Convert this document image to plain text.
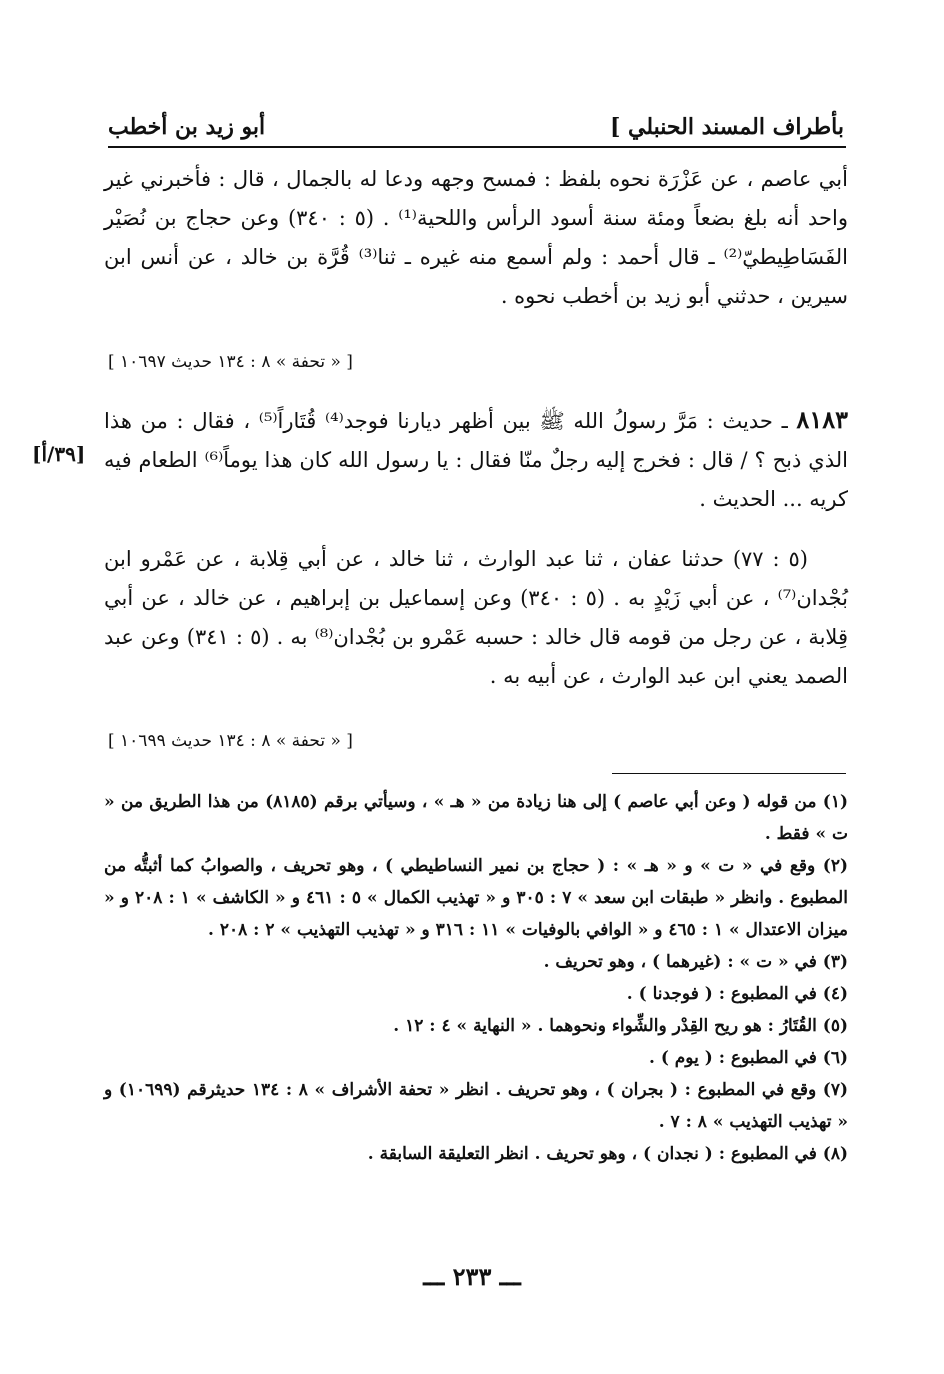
بأطراف المسند الحنبلي ]
أبو زيد بن أخطب
أبي عاصم ، عن عَزْرَة نحوه بلفظ : فمسح وجهه ودعا له بالجمال ، قال : فأخبرني غير واحد أنه بلغ بضعاً ومئة سنة أسود الرأس واللحية⁽¹⁾ . (٥ : ٣٤٠) وعن حجاج بن نُصَيْر الفَسَاطِيطيّ⁽²⁾ ـ قال أحمد : ولم أسمع منه غيره ـ ثنا⁽³⁾ قُرَّة بن خالد ، عن أنس ابن سيرين ، حدثني أبو زيد بن أخطب نحوه .
[ « تحفة » ٨ : ١٣٤ حديث ١٠٦٩٧ ]
٨١٨٣ ـ حديث : مَرَّ رسولُ الله ﷺ بين أظهر ديارنا فوجد⁽⁴⁾ قُتَاراً⁽⁵⁾ ، فقال : من هذا الذي ذبح ؟ / قال : فخرج إليه رجلٌ منّا فقال : يا رسول الله كان هذا يوماً⁽⁶⁾ الطعام فيه كريه ... الحديث .
[٣٩/أ]
(٥ : ٧٧) حدثنا عفان ، ثنا عبد الوارث ، ثنا خالد ، عن أبي قِلابة ، عن عَمْرو ابن بُجْدان⁽⁷⁾ ، عن أبي زَيْدٍ به . (٥ : ٣٤٠) وعن إسماعيل بن إبراهيم ، عن خالد ، عن أبي قِلابة ، عن رجل من قومه قال خالد : حسبه عَمْرو بن بُجْدان⁽⁸⁾ به . (٥ : ٣٤١) وعن عبد الصمد يعني ابن عبد الوارث ، عن أبيه به .
[ « تحفة » ٨ : ١٣٤ حديث ١٠٦٩٩ ]

(١) من قوله ( وعن أبي عاصم ) إلى هنا زيادة من « هـ » ، وسيأتي برقم (٨١٨٥) من هذا الطريق من « ت » فقط .

(٢) وقع في « ت » و « هـ » : ( حجاج بن نمير النساطيطي ) ، وهو تحريف ، والصوابُ كما أثبتُّه من المطبوع . وانظر « طبقات ابن سعد » ٧ : ٣٠٥ و « تهذيب الكمال » ٥ : ٤٦١ و « الكاشف » ١ : ٢٠٨ و « ميزان الاعتدال » ١ : ٤٦٥ و « الوافي بالوفيات » ١١ : ٣١٦ و « تهذيب التهذيب » ٢ : ٢٠٨ .

(٣) في « ت » : (غيرهما ) ، وهو تحريف .

(٤) في المطبوع : ( فوجدنا ) .

(٥) القُتَارُ : هو ريح القِدْر والشِّواء ونحوهما . « النهاية » ٤ : ١٢ .

(٦) في المطبوع : ( يوم ) .

(٧) وقع في المطبوع : ( بجران ) ، وهو تحريف . انظر « تحفة الأشراف » ٨ : ١٣٤ حديثرقم (١٠٦٩٩) و « تهذيب التهذيب » ٨ : ٧ .

(٨) في المطبوع : ( نجدان ) ، وهو تحريف . انظر التعليقة السابقة .

ـــ ٢٣٣ ـــ
